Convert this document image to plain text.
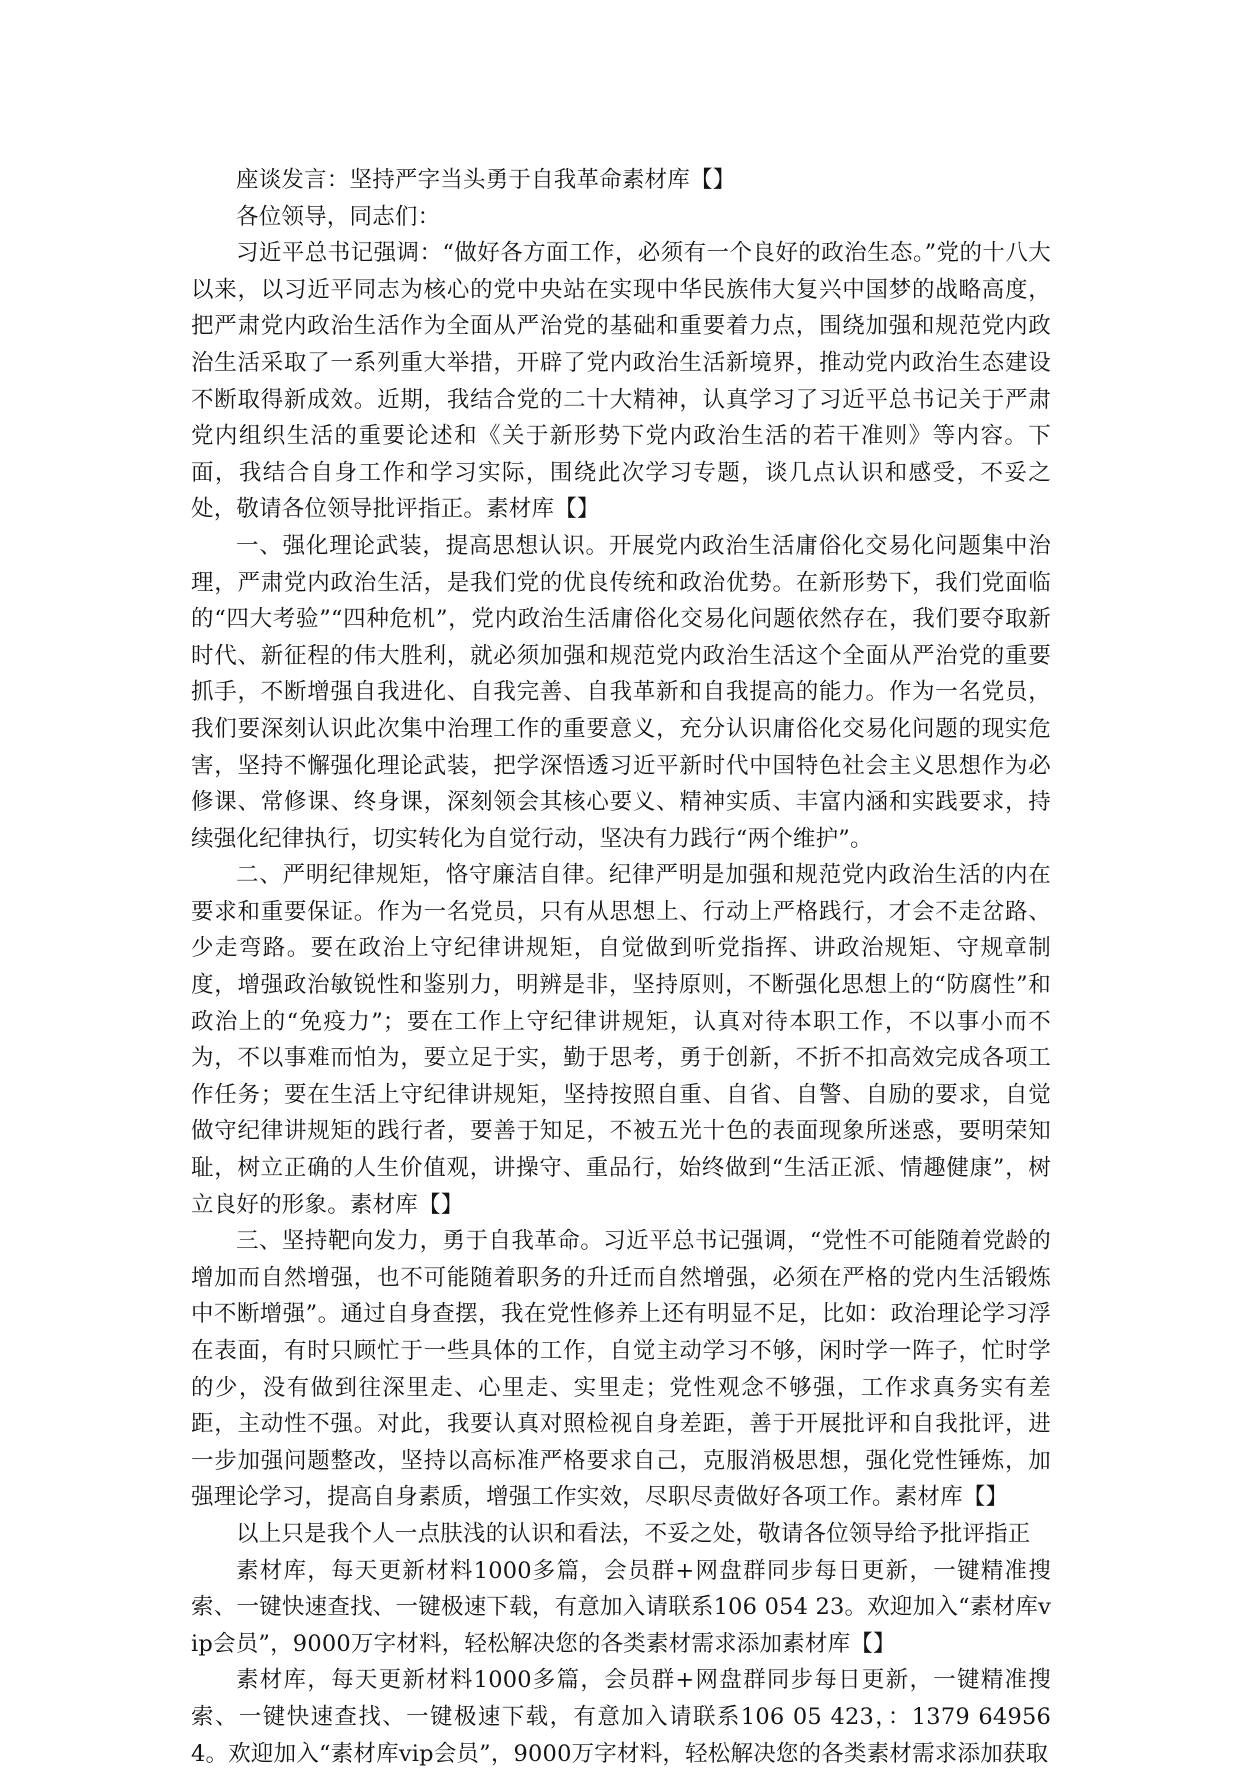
座谈发言：坚持严字当头勇于自我革命素材库【】

各位领导，同志们：

习近平总书记强调：“做好各方面工作，必须有一个良好的政治生态。”党的十八大以来，以习近平同志为核心的党中央站在实现中华民族伟大复兴中国梦的战略高度，把严肃党内政治生活作为全面从严治党的基础和重要着力点，围绕加强和规范党内政治生活采取了一系列重大举措，开辟了党内政治生活新境界，推动党内政治生态建设不断取得新成效。近期，我结合党的二十大精神，认真学习了习近平总书记关于严肃党内组织生活的重要论述和《关于新形势下党内政治生活的若干准则》等内容。下面，我结合自身工作和学习实际，围绕此次学习专题，谈几点认识和感受，不妥之处，敬请各位领导批评指正。素材库【】

一、强化理论武装，提高思想认识。开展党内政治生活庸俗化交易化问题集中治理，严肃党内政治生活，是我们党的优良传统和政治优势。在新形势下，我们党面临的“四大考验”“四种危机”，党内政治生活庸俗化交易化问题依然存在，我们要夺取新时代、新征程的伟大胜利，就必须加强和规范党内政治生活这个全面从严治党的重要抓手，不断增强自我进化、自我完善、自我革新和自我提高的能力。作为一名党员，我们要深刻认识此次集中治理工作的重要意义，充分认识庸俗化交易化问题的现实危害，坚持不懈强化理论武装，把学深悟透习近平新时代中国特色社会主义思想作为必修课、常修课、终身课，深刻领会其核心要义、精神实质、丰富内涵和实践要求，持续强化纪律执行，切实转化为自觉行动，坚决有力践行“两个维护”。

二、严明纪律规矩，恪守廉洁自律。纪律严明是加强和规范党内政治生活的内在要求和重要保证。作为一名党员，只有从思想上、行动上严格践行，才会不走岔路、少走弯路。要在政治上守纪律讲规矩，自觉做到听党指挥、讲政治规矩、守规章制度，增强政治敏锐性和鉴别力，明辨是非，坚持原则，不断强化思想上的“防腐性”和政治上的“免疫力”；要在工作上守纪律讲规矩，认真对待本职工作，不以事小而不为，不以事难而怕为，要立足于实，勤于思考，勇于创新，不折不扣高效完成各项工作任务；要在生活上守纪律讲规矩，坚持按照自重、自省、自警、自励的要求，自觉做守纪律讲规矩的践行者，要善于知足，不被五光十色的表面现象所迷惑，要明荣知耻，树立正确的人生价值观，讲操守、重品行，始终做到“生活正派、情趣健康”，树立良好的形象。素材库【】

三、坚持靶向发力，勇于自我革命。习近平总书记强调，“党性不可能随着党龄的增加而自然增强，也不可能随着职务的升迁而自然增强，必须在严格的党内生活锻炼中不断增强”。通过自身查摆，我在党性修养上还有明显不足，比如：政治理论学习浮在表面，有时只顾忙于一些具体的工作，自觉主动学习不够，闲时学一阵子，忙时学的少，没有做到往深里走、心里走、实里走；党性观念不够强，工作求真务实有差距，主动性不强。对此，我要认真对照检视自身差距，善于开展批评和自我批评，进一步加强问题整改，坚持以高标准严格要求自己，克服消极思想，强化党性锤炼，加强理论学习，提高自身素质，增强工作实效，尽职尽责做好各项工作。素材库【】

以上只是我个人一点肤浅的认识和看法，不妥之处，敬请各位领导给予批评指正

素材库，每天更新材料1000多篇，会员群+网盘群同步每日更新，一键精准搜索、一键快速查找、一键极速下载，有意加入请联系106 054 23。欢迎加入“素材库vip会员”，9000万字材料，轻松解决您的各类素材需求添加素材库【】

素材库，每天更新材料1000多篇，会员群+网盘群同步每日更新，一键精准搜索、一键快速查找、一键极速下载，有意加入请联系106 05 423，：1379 649564。欢迎加入“素材库vip会员”，9000万字材料，轻松解决您的各类素材需求添加获取
